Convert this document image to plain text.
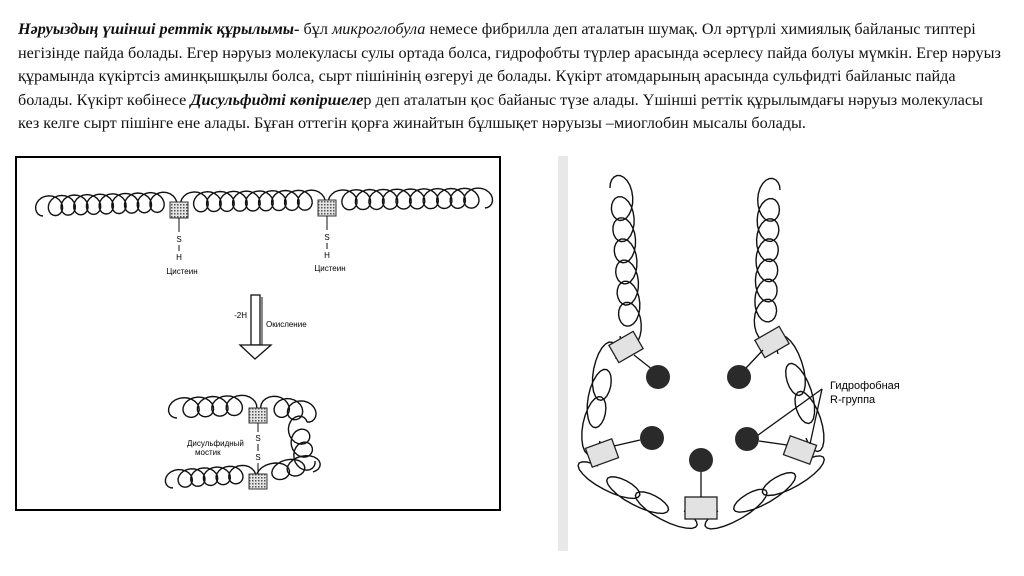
Нәруыздың үшінші реттік құрылымы- бұл микроглобула немесе фибрилла деп аталатын шумақ. Ол әртүрлі химиялық байланыс типтері негізінде пайда болады. Егер нәруыз молекуласы сулы ортада болса, гидрофобты түрлер арасында әсерлесу пайда болуы мүмкін. Егер нәруыз құрамында күкіртсіз аминқышқылы болса, сырт пішінінің өзгеруі де болады. Күкірт атомдарының арасында сульфидті байланыс пайда болады. Күкірт көбінесе Дисульфидті көпіршелер деп аталатын қос байаныс түзе алады. Үшінші реттік құрылымдағы нәруыз молекуласы кез келге сырт пішінге ене алады. Бұған оттегін қорға жинайтын бұлшықет нәруызы –миоглобин мысалы болады.

S
H
Цистеин
S
H
Цистеин
-2H
Окисление
S
S
Дисульфидный
мостик
Гидрофобная
R-группа
